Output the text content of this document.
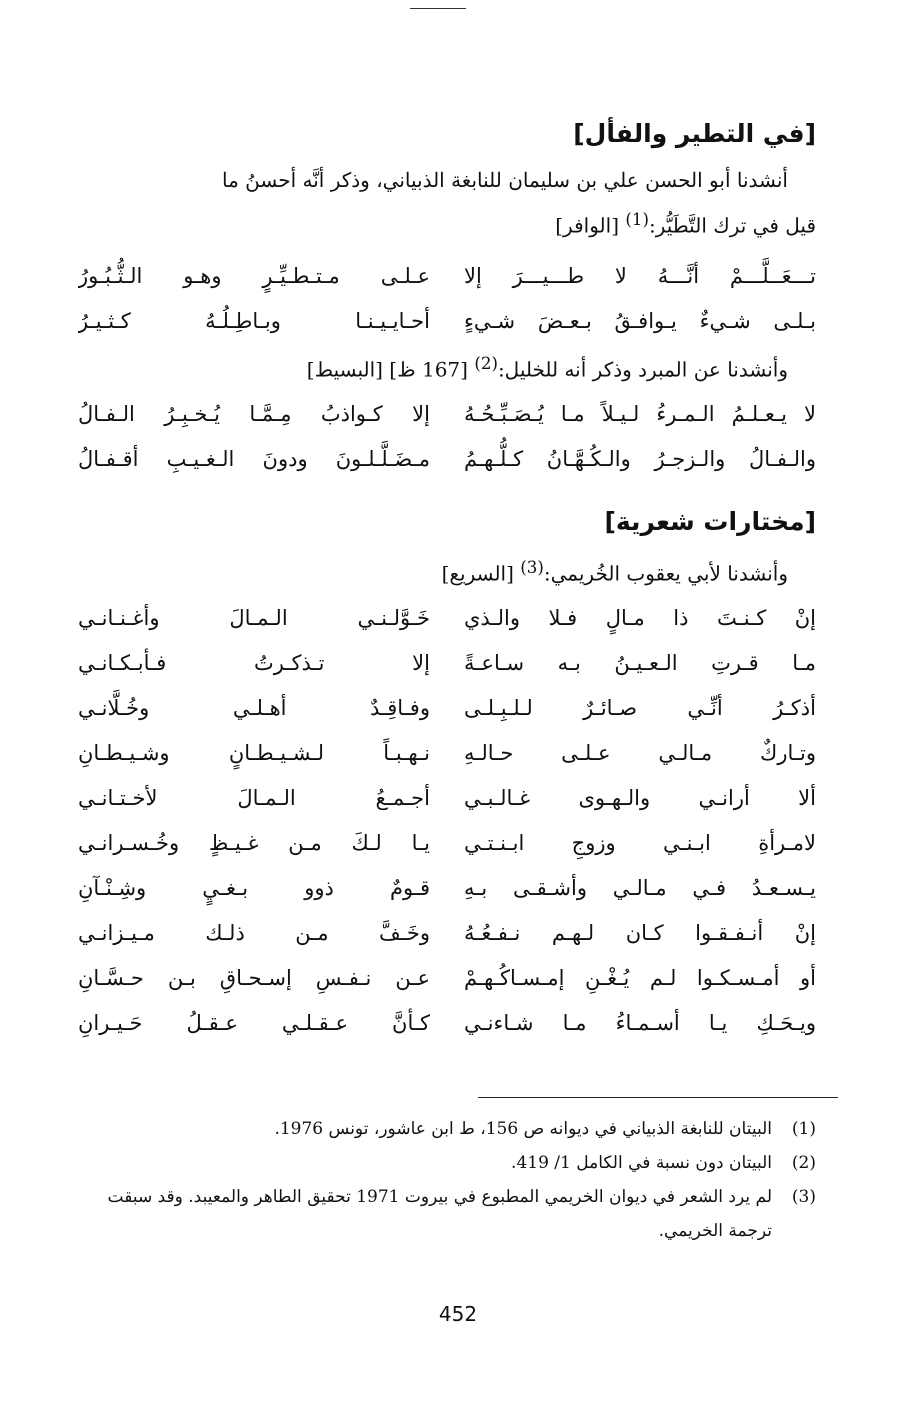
[في التطير والفأل]

أنشدنا أبو الحسن علي بن سليمان للنابغة الذبياني، وذكر أنَّه أحسنُ ما

قيل في ترك التَّطَيُّر:$^{(1)}$ [الوافر]

تـــعَــلَّـــمْ أنَّـــهُ لا طـــيـــرَ إلا
عـلـى مـتـطـيِّـرٍ وهـو الـثُّـبُـورُ
بـلـى شـيءٌ يـوافـقُ بـعـضَ شـيءٍ
أحـايـيـنـا وبـاطِـلُـهُ كـثـيـرُ
وأنشدنا عن المبرد وذكر أنه للخليل:$^{(2)}$ [167 ظ] [البسيط]
لا يـعـلـمُ الـمـرءُ لـيـلاً مـا يُـصَـبِّـحُـهُ
إلا كـواذبُ مِـمَّـا يُـخـبِـرُ الـفـالُ
والـفـالُ والـزجـرُ والـكُـهَّـانُ كـلُّـهـمُ
مـضَـلَّـلـونَ ودونَ الـغـيـبِ أقـفـالُ
[مختارات شعرية]
وأنشدنا لأبي يعقوب الخُريمي:$^{(3)}$ [السريع]
إنْ كـنـتَ ذا مـالٍ فـلا والـذي
خَـوَّلـنـي الـمـالَ وأغـنـانـي
مـا قـرتِ الـعـيـنُ بـه سـاعـةً
إلا تـذكـرتُ فـأبـكـانـي
أذكـرُ أنِّـي صـائـرٌ لـلـبِـلـى
وفـاقِـدٌ أهـلـي وخُـلَّانـي
وتـاركٌ مـالـي عـلـى حـالـهِ
نـهـبـاً لـشـيـطـانٍ وشـيـطـانِ
ألا أرانـي والـهـوى غـالـبـي
أجـمـعُ الـمـالَ لأخـتـانـي
لامـرأةِ ابـنـي وزوجِ ابـنـتـي
يـا لـكَ مـن غـيـظٍ وخُـسـرانـي
يـسـعـدُ فـي مـالـي وأشـقـى بـهِ
قـومٌ ذوو بـغـيٍ وشِـنْـآنِ
إنْ أنـفـقـوا كـان لـهـم نـفـعُـهُ
وخَـفَّ مـن ذلـك مـيـزانـي
أو أمـسـكـوا لـم يُـغْـنِ إمـسـاكُـهـمْ
عـن نـفـسِ إسـحـاقِ بـن حـسَّـانِ
ويـحَـكِ يـا أسـمـاءُ مـا شـاءنـي
كـأنَّ عـقـلـي عـقـلُ حَـيـرانِ
(1)
البيتان للنابغة الذبياني في ديوانه ص 156، ط ابن عاشور، تونس 1976.
(2)
البيتان دون نسبة في الكامل 1/ 419.
(3)
لم يرد الشعر في ديوان الخريمي المطبوع في بيروت 1971 تحقيق الطاهر والمعيبد. وقد سبقت ترجمة الخريمي.
452
